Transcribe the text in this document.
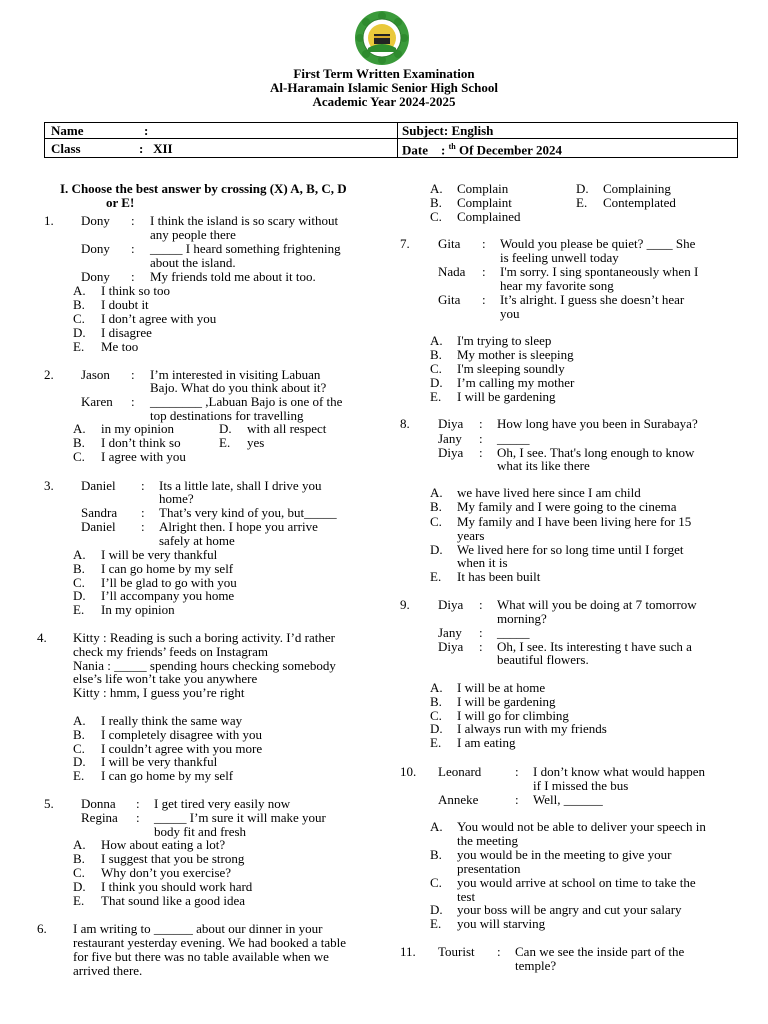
First Term Written Examination
Al-Haramain Islamic Senior High School
Academic Year 2024-2025
Name :	Subject: English
Class :   XII	Date : $^{th}$ Of December 2024
I. Choose the best answer by crossing (X) A, B, C, D
or E!
1. Dony : I think the island is so scary without
any people there
Dony : _____ I heard something frightening
about the island.
Dony : My friends told me about it too.
A. I think so too
B. I doubt it
C. I don’t agree with you
D. I disagree
E. Me too
2. Jason : I’m interested in visiting Labuan
Bajo. What do you think about it?
Karen : ________ ,Labuan Bajo is one of the
top destinations for travelling
A. in my opinion	D. with all respect
B. I don’t think so	E. yes
C. I agree with you
3. Daniel : Its a little late, shall I drive you
home?
Sandra : That’s very kind of you, but_____
Daniel : Alright then. I hope you arrive
safely at home
A. I will be very thankful
B. I can go home by my self
C. I’ll be glad to go with you
D. I’ll accompany you home
E. In my opinion
4. Kitty : Reading is such a boring activity. I’d rather
check my friends’ feeds on Instagram
Nania : _____ spending hours checking somebody
else’s life won’t take you anywhere
Kitty : hmm, I guess you’re right
A. I really think the same way
B. I completely disagree with you
C. I couldn’t agree with you more
D. I will be very thankful
E. I can go home by my self
5. Donna : I get tired very easily now
Regina : _____ I’m sure it will make your
body fit and fresh
A. How about eating a lot?
B. I suggest that you be strong
C. Why don’t you exercise?
D. I think you should work hard
E. That sound like a good idea
6. I am writing to ______ about our dinner in your
restaurant yesterday evening. We had booked a table
for five but there was no table available when we
arrived there.
A. Complain	D. Complaining
B. Complaint	E. Contemplated
C. Complained
7. Gita : Would you please be quiet? ____ She
is feeling unwell today
Nada : I'm sorry. I sing spontaneously when I
hear my favorite song
Gita : It’s alright. I guess she doesn’t hear
you
A. I'm trying to sleep
B. My mother is sleeping
C. I'm sleeping soundly
D. I’m calling my mother
E. I will be gardening
8. Diya : How long have you been in Surabaya?
Jany : _____
Diya : Oh, I see. That's long enough to know
what its like there
A. we have lived here since I am child
B. My family and I were going to the cinema
C. My family and I have been living here for 15
years
D. We lived here for so long time until I forget
when it is
E. It has been built
9. Diya : What will you be doing at 7 tomorrow
morning?
Jany : _____
Diya : Oh, I see. Its interesting t have such a
beautiful flowers.
A. I will be at home
B. I will be gardening
C. I will go for climbing
D. I always run with my friends
E. I am eating
10. Leonard	: I don’t know what would happen
if I missed the bus
Anneke	: Well, ______
A. You would not be able to deliver your speech in
the meeting
B. you would be in the meeting to give your
presentation
C. you would arrive at school on time to take the
test
D. your boss will be angry and cut your salary
E. you will starving
11. Tourist : Can we see the inside part of the
temple?
